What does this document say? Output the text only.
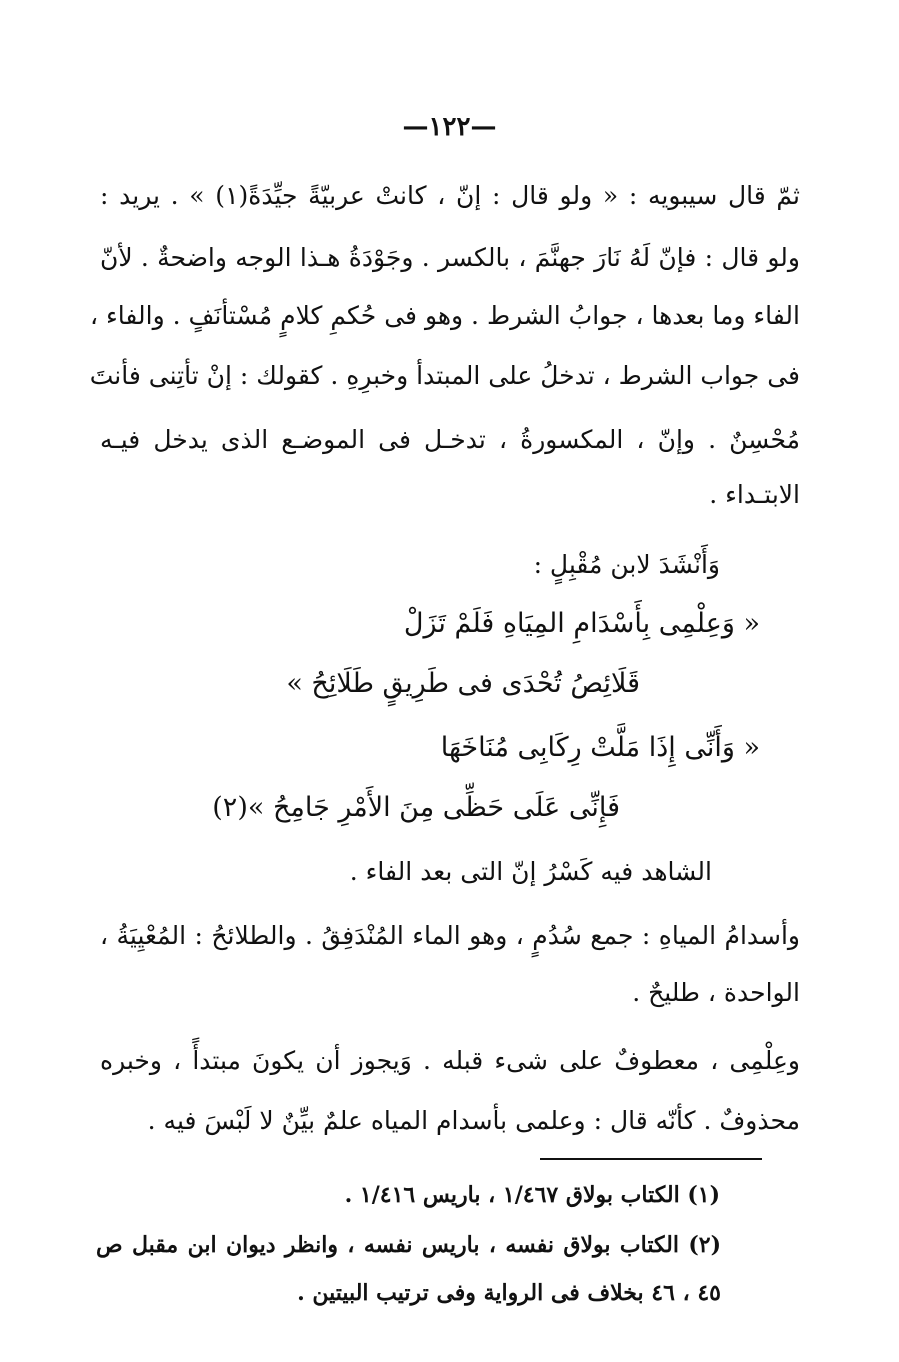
—١٢٢—
ثمّ قال سيبويه : « ولو قال : إنّ ، كانتْ عربيّةً جيِّدَةً(١) » . يريد :
ولو قال : فإنّ لَهُ نَارَ جهنَّمَ ، بالكسر . وجَوْدَةُ هـذا الوجه واضحةٌ . لأنّ
الفاء وما بعدها ، جوابُ الشرط . وهو فى حُكمِ كلامٍ مُسْتأنَفٍ . والفاء ،
فى جواب الشرط ، تدخلُ على المبتدأ وخبرِهِ . كقولك : إنْ تأتِنى فأنتَ
مُحْسِنٌ . وإنّ ، المكسورةُ ، تدخـل فى الموضـع الذى يدخل فيـه
الابتـداء .
وَأَنْشَدَ لابن مُقْبِلٍ :
« وَعِلْمِى بِأَسْدَامِ المِيَاهِ فَلَمْ تَزَلْ
قَلَائِصُ تُحْدَى فى طَرِيقٍ طَلَائِحُ »
« وَأَنِّى إِذَا مَلَّتْ رِكَابِى مُنَاخَهَا
فَإِنِّى عَلَى حَظِّى مِنَ الأَمْرِ جَامِحُ »(٢)
الشاهد فيه كَسْرُ إنّ التى بعد الفاء .
وأسدامُ المياهِ : جمع سُدُمٍ ، وهو الماء المُنْدَفِقُ . والطلائحُ : المُعْيِيَةُ ،
الواحدة ، طليحٌ .
وعِلْمِى ، معطوفٌ على شىء قبله . وَيجوز أن يكونَ مبتدأً ، وخبره
محذوفٌ . كأنّه قال : وعلمى بأسدام المياه علمٌ بيِّنٌ لا لَبْسَ فيه .
(١) الكتاب بولاق ١/٤٦٧ ، باريس ١/٤١٦ .
(٢) الكتاب بولاق نفسه ، باريس نفسه ، وانظر ديوان ابن مقبل ص
٤٥ ، ٤٦ بخلاف فى الرواية وفى ترتيب البيتين .
